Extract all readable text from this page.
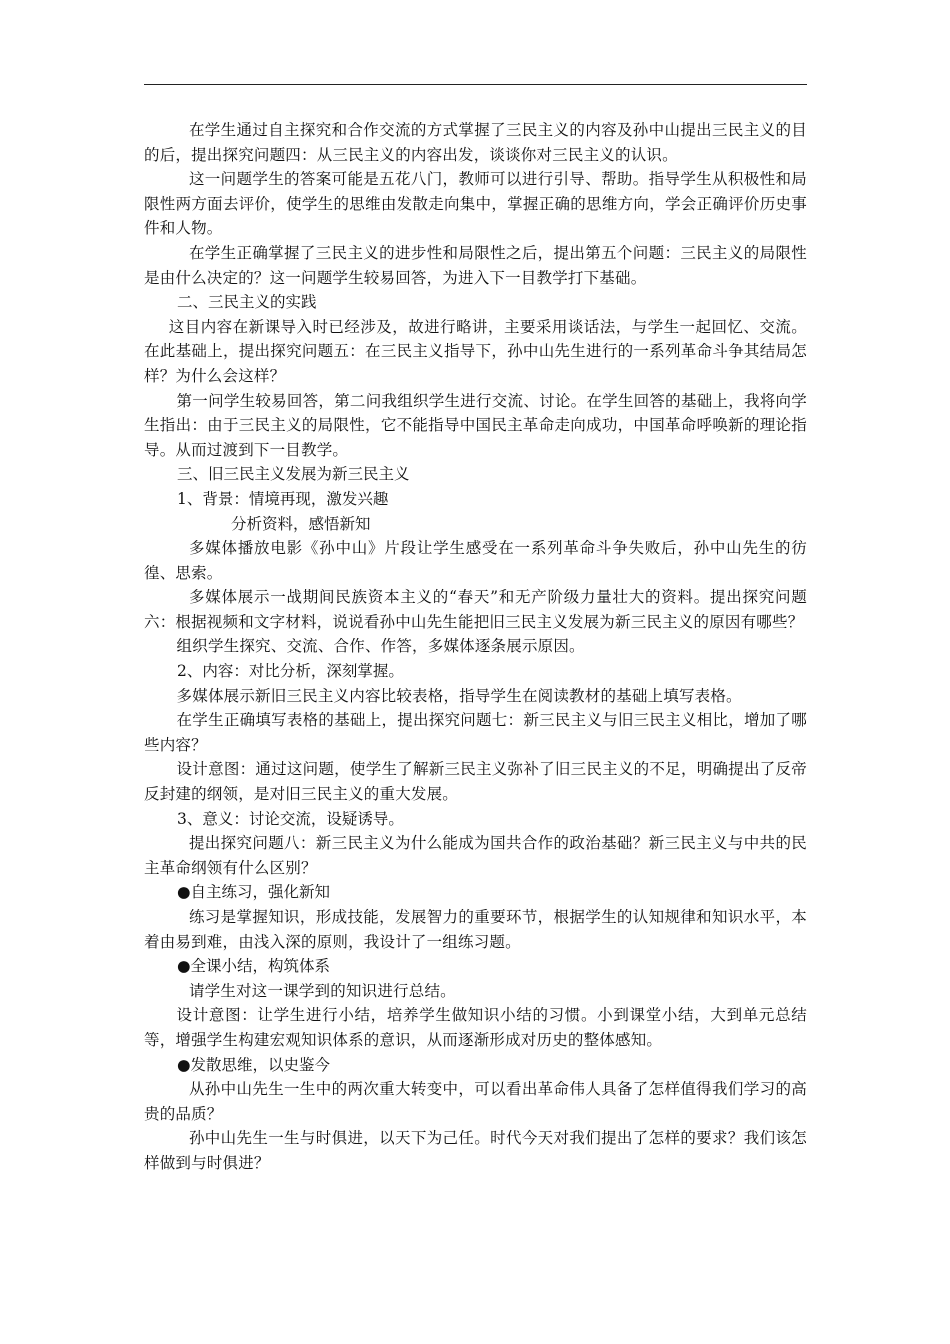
在学生通过自主探究和合作交流的方式掌握了三民主义的内容及孙中山提出三民主义的目的后，提出探究问题四：从三民主义的内容出发，谈谈你对三民主义的认识。

这一问题学生的答案可能是五花八门，教师可以进行引导、帮助。指导学生从积极性和局限性两方面去评价，使学生的思维由发散走向集中，掌握正确的思维方向，学会正确评价历史事件和人物。

在学生正确掌握了三民主义的进步性和局限性之后，提出第五个问题：三民主义的局限性是由什么决定的？这一问题学生较易回答，为进入下一目教学打下基础。

二、三民主义的实践

这目内容在新课导入时已经涉及，故进行略讲，主要采用谈话法，与学生一起回忆、交流。在此基础上，提出探究问题五：在三民主义指导下，孙中山先生进行的一系列革命斗争其结局怎样？为什么会这样？

第一问学生较易回答，第二问我组织学生进行交流、讨论。在学生回答的基础上，我将向学生指出：由于三民主义的局限性，它不能指导中国民主革命走向成功，中国革命呼唤新的理论指导。从而过渡到下一目教学。

三、旧三民主义发展为新三民主义

1、背景：情境再现，激发兴趣

分析资料，感悟新知

多媒体播放电影《孙中山》片段让学生感受在一系列革命斗争失败后，孙中山先生的彷徨、思索。

多媒体展示一战期间民族资本主义的“春天”和无产阶级力量壮大的资料。提出探究问题六：根据视频和文字材料，说说看孙中山先生能把旧三民主义发展为新三民主义的原因有哪些？

组织学生探究、交流、合作、作答，多媒体逐条展示原因。

2、内容：对比分析，深刻掌握。

多媒体展示新旧三民主义内容比较表格，指导学生在阅读教材的基础上填写表格。

在学生正确填写表格的基础上，提出探究问题七：新三民主义与旧三民主义相比，增加了哪些内容？

设计意图：通过这问题，使学生了解新三民主义弥补了旧三民主义的不足，明确提出了反帝反封建的纲领，是对旧三民主义的重大发展。

3、意义：讨论交流，设疑诱导。

提出探究问题八：新三民主义为什么能成为国共合作的政治基础？新三民主义与中共的民主革命纲领有什么区别？

●自主练习，强化新知

练习是掌握知识，形成技能，发展智力的重要环节，根据学生的认知规律和知识水平，本着由易到难，由浅入深的原则，我设计了一组练习题。

●全课小结，构筑体系

请学生对这一课学到的知识进行总结。

设计意图：让学生进行小结，培养学生做知识小结的习惯。小到课堂小结，大到单元总结等，增强学生构建宏观知识体系的意识，从而逐渐形成对历史的整体感知。

●发散思维，以史鉴今

从孙中山先生一生中的两次重大转变中，可以看出革命伟人具备了怎样值得我们学习的高贵的品质？

孙中山先生一生与时俱进，以天下为己任。时代今天对我们提出了怎样的要求？我们该怎样做到与时俱进？
